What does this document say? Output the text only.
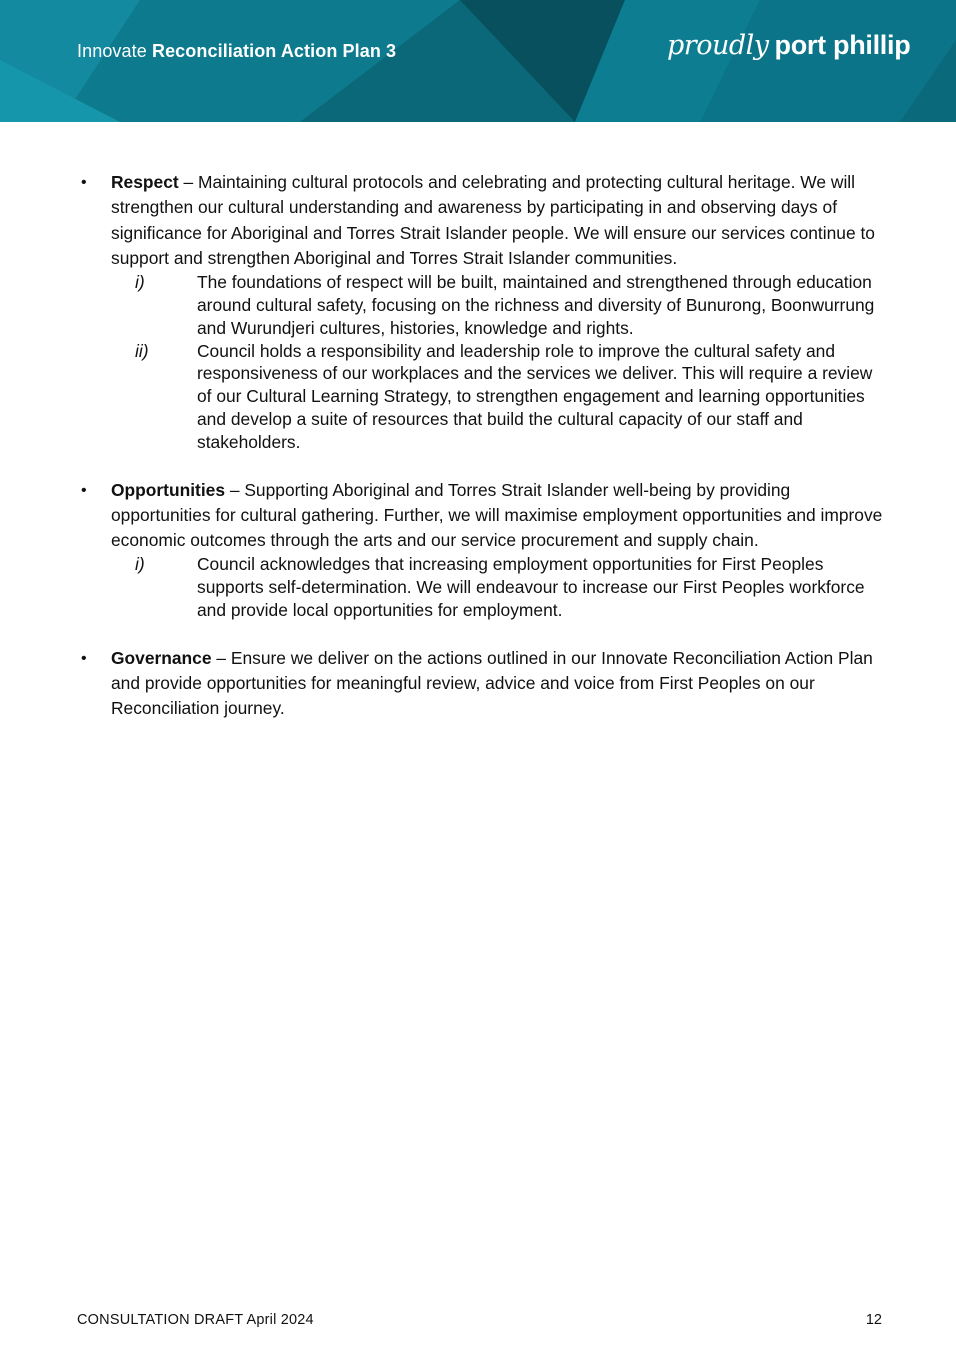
Innovate Reconciliation Action Plan 3	proudly port phillip
• Respect – Maintaining cultural protocols and celebrating and protecting cultural heritage. We will strengthen our cultural understanding and awareness by participating in and observing days of significance for Aboriginal and Torres Strait Islander people. We will ensure our services continue to support and strengthen Aboriginal and Torres Strait Islander communities.
i)	The foundations of respect will be built, maintained and strengthened through education around cultural safety, focusing on the richness and diversity of Bunurong, Boonwurrung and Wurundjeri cultures, histories, knowledge and rights.
ii)	Council holds a responsibility and leadership role to improve the cultural safety and responsiveness of our workplaces and the services we deliver. This will require a review of our Cultural Learning Strategy, to strengthen engagement and learning opportunities and develop a suite of resources that build the cultural capacity of our staff and stakeholders.
• Opportunities – Supporting Aboriginal and Torres Strait Islander well-being by providing opportunities for cultural gathering. Further, we will maximise employment opportunities and improve economic outcomes through the arts and our service procurement and supply chain.
i)	Council acknowledges that increasing employment opportunities for First Peoples supports self-determination. We will endeavour to increase our First Peoples workforce and provide local opportunities for employment.
• Governance – Ensure we deliver on the actions outlined in our Innovate Reconciliation Action Plan and provide opportunities for meaningful review, advice and voice from First Peoples on our Reconciliation journey.
CONSULTATION DRAFT April 2024	12
